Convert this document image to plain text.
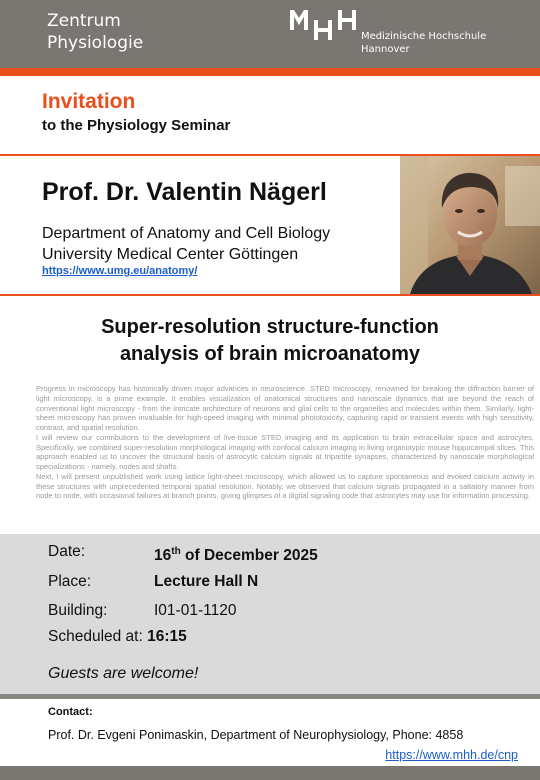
Zentrum
Physiologie	Medizinische Hochschule
Hannover
Invitation
to the Physiology Seminar
Prof. Dr. Valentin Nägerl
Department of Anatomy and Cell Biology
University Medical Center Göttingen
https://www.umg.eu/anatomy/
Super-resolution structure-function
analysis of brain microanatomy

Progress in microscopy has historically driven major advances in neuroscience. STED microscopy, renowned for breaking the diffraction barrier of light microscopy, is a prime example. It enables visualization of anatomical structures and nanoscale dynamics that are beyond the reach of conventional light microscopy - from the intricate architecture of neurons and glial cells to the organelles and molecules within them. Similarly, light-sheet microscopy has proven invaluable for high-speed imaging with minimal phototoxicity, capturing rapid or transient events with high sensitivity, contrast, and spatial resolution.

I will review our contributions to the development of live-tissue STED imaging and its application to brain extracellular space and astrocytes. Specifically, we combined super-resolution morphological imaging with confocal calcium imaging in living organotypic mouse hippocampal slices. This approach enabled us to uncover the structural basis of astrocytic calcium signals at tripartite synapses, characterized by nanoscale morphological specializations - namely, nodes and shafts.

Next, I will present unpublished work using lattice light-sheet microscopy, which allowed us to capture spontaneous and evoked calcium activity in these structures with unprecedented temporal spatial resolution. Notably, we observed that calcium signals propagated in a saltatory manner from node to node, with occasional failures at branch points, giving glimpses of a digital signaling code that astrocytes may use for information processing.

Date:	16th of December 2025
Place:	Lecture Hall N
Building:	I01-01-1120
Scheduled at: 16:15
Guests are welcome!
Contact:
Prof. Dr. Evgeni Ponimaskin, Department of Neurophysiology, Phone: 4858
https://www.mhh.de/cnp
